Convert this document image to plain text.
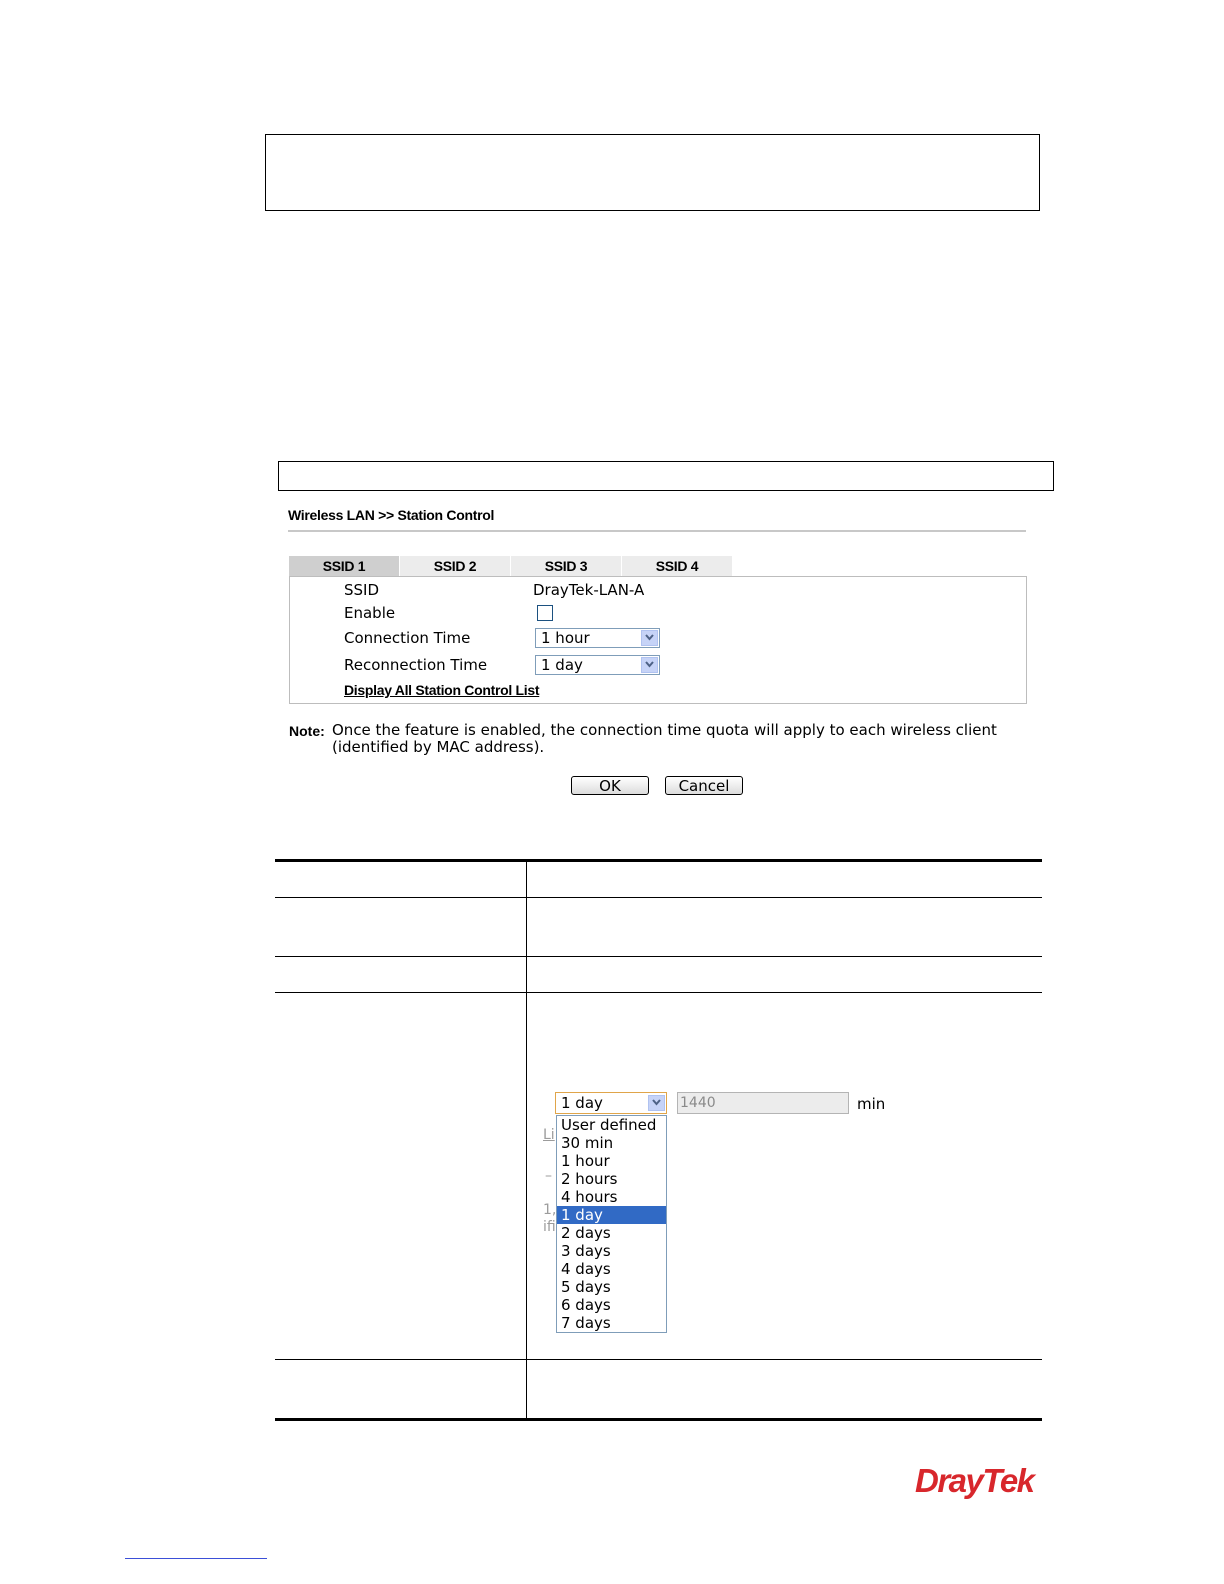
Wireless LAN >> Station Control
SSID 1	SSID 2	SSID 3	SSID 4
SSID	DrayTek-LAN-A
Enable
Connection Time	1 hour
Reconnection Time	1 day
Display All Station Control List
Note: Once the feature is enabled, the connection time quota will apply to each wireless client
(identified by MAC address).
OK	Cancel
1 day	1440	min
Li
–
1,
ifi
User defined
30 min
1 hour
2 hours
4 hours
1 day
2 days
3 days
4 days
5 days
6 days
7 days
DrayTek
